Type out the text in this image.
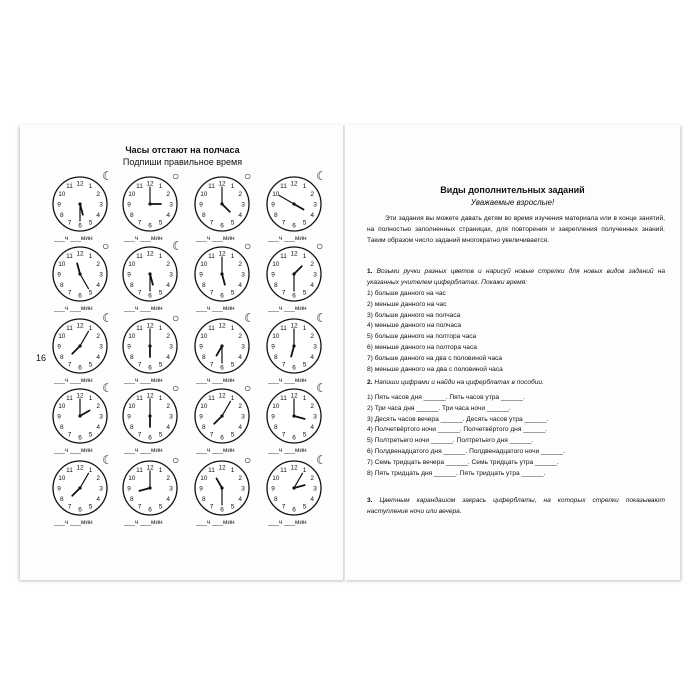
Часы отстают на полчаса
Подпиши правильное время
16
1
2
3
4
5
6
7
8
9
10
11 12
☾
___ч ___мин
1
2
3
4
5
6
7
8
9
10
11 12
○
___ч ___мин
1
2
3
4
5
6
7
8
9
10
11 12
○
___ч ___мин
1
2
3
4
5
6
7
8
9
10
11 12
☾
___ч ___мин
1
2
3
4
5
6
7
8
9
10
11 12
○
___ч ___мин
1
2
3
4
5
6
7
8
9
10
11 12
☾
___ч ___мин
1
2
3
4
5
6
7
8
9
10
11 12
○
___ч ___мин
1
2
3
4
5
6
7
8
9
10
11 12
○
___ч ___мин
1
2
3
4
5
6
7
8
9
10
11 12
☾
___ч ___мин
1
2
3
4
5
6
7
8
9
10
11 12
○
___ч ___мин
1
2
3
4
5
6
7
8
9
10
11 12
☾
___ч ___мин
1
2
3
4
5
6
7
8
9
10
11 12
☾
___ч ___мин
1
2
3
4
5
6
7
8
9
10
11 12
☾
___ч ___мин
1
2
3
4
5
6
7
8
9
10
11 12
○
___ч ___мин
1
2
3
4
5
6
7
8
9
10
11 12
○
___ч ___мин
1
2
3
4
5
6
7
8
9
10
11 12
☾
___ч ___мин
1
2
3
4
5
6
7
8
9
10
11 12
☾
___ч ___мин
1
2
3
4
5
6
7
8
9
10
11 12
○
___ч ___мин
1
2
3
4
5
6
7
8
9
10
11 12
○
___ч ___мин
1
2
3
4
5
6
7
8
9
10
11 12
☾
___ч ___мин
Виды дополнительных заданий
Уважаемые взрослые!
Эти задания вы можете давать детям во время изучения материала или в конце занятий, на полностью заполненных страницах, для повторения и закрепления полученных знаний. Таким образом число заданий многократно увеличивается.
1. Возьми ручки разных цветов и нарисуй новые стрелки для новых видов заданий на указанных учителем циферблатах. Покажи время:
1) больше данного на час
2) меньше данного на час
3) больше данного на полчаса
4) меньше данного на полчаса
5) больше данного на полтора часа
6) меньше данного на полтора часа
7) больше данного на два с половиной часа
8) меньше данного на два с половиной часа
2. Напиши цифрами и найди на циферблатах в пособии.
1) Пять часов дня ______. Пять часов утра ______.
2) Три часа дня ______. Три часа ночи ______.
3) Десять часов вечера ______. Десять часов утра ______.
4) Полчетвёртого ночи ______. Полчетвёртого дня ______.
5) Полтретьего ночи ______. Полтретьего дня ______.
6) Полдвенадцатого дня ______. Полдвенадцатого ночи ______.
7) Семь тридцать вечера ______. Семь тридцать утра ______.
8) Пять тридцать дня ______. Пять тридцать утра ______.
3. Цветным карандашом закрась циферблаты, на которых стрелки показывают наступление ночи или вечера.
